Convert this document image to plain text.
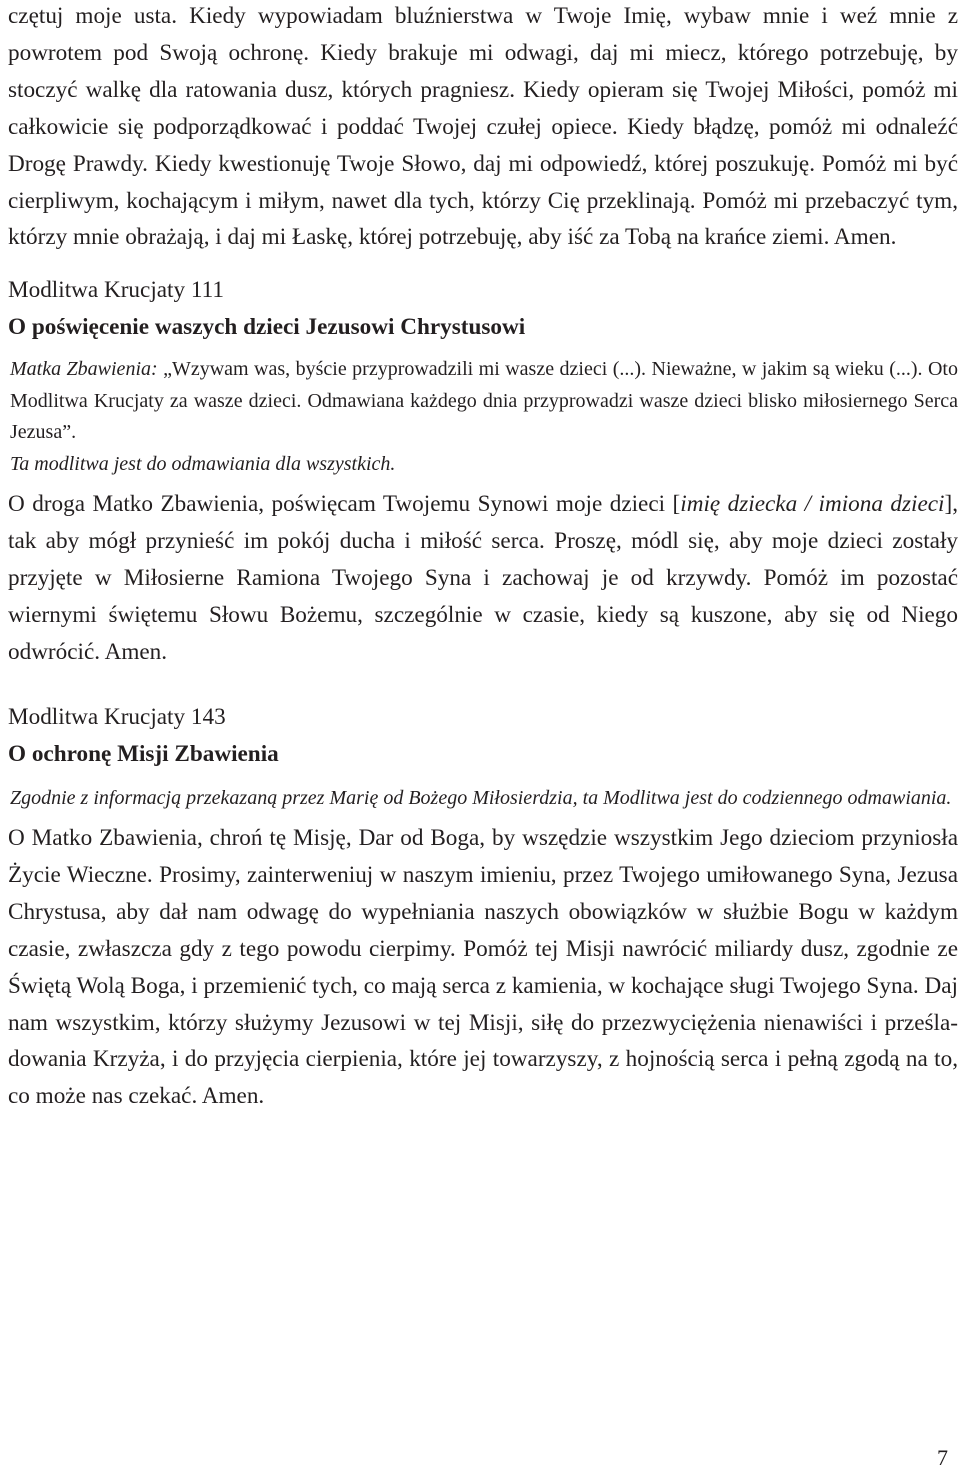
czętuj moje usta. Kiedy wypowiadam bluźnierstwa w Twoje Imię, wybaw mnie i weź mnie z powrotem pod Swoją ochronę. Kiedy brakuje mi odwagi, daj mi miecz, którego potrzebuję, by stoczyć walkę dla ratowania dusz, których pragniesz. Kiedy opieram się Twojej Miłości, pomóż mi całkowicie się podporządkować i poddać Twojej czułej opiece. Kiedy błądzę, pomóż mi odnaleźć Drogę Prawdy. Kiedy kwestionuję Twoje Słowo, daj mi odpowiedź, której poszukuję. Pomóż mi być cierpliwym, kochającym i miłym, nawet dla tych, którzy Cię przeklinają. Pomóż mi przebaczyć tym, którzy mnie obrażają, i daj mi Łaskę, której potrzebuję, aby iść za Tobą na krańce ziemi. Amen.

Modlitwa Krucjaty 111

O poświęcenie waszych dzieci Jezusowi Chrystusowi

Matka Zbawienia: „Wzywam was, byście przyprowadzili mi wasze dzieci (...). Nieważne, w jakim są wieku (...). Oto Modlitwa Krucjaty za wasze dzieci. Odmawiana każdego dnia przyprowadzi wasze dzieci blisko miłosiernego Serca Jezusa”.

Ta modlitwa jest do odmawiania dla wszystkich.

O droga Matko Zbawienia, poświęcam Twojemu Synowi moje dzieci [imię dziecka / imiona dzieci], tak aby mógł przynieść im pokój ducha i miłość serca. Proszę, módl się, aby moje dzieci zostały przyjęte w Miłosierne Ramiona Twojego Syna i zachowaj je od krzywdy. Pomóż im pozostać wiernymi świętemu Słowu Bożemu, szczególnie w czasie, kiedy są kuszone, aby się od Niego odwrócić. Amen.

Modlitwa Krucjaty 143

O ochronę Misji Zbawienia

Zgodnie z informacją przekazaną przez Marię od Bożego Miłosierdzia, ta Modlitwa jest do codziennego odmawiania.

O Matko Zbawienia, chroń tę Misję, Dar od Boga, by wszędzie wszystkim Jego dzieciom przyniosła Życie Wieczne. Prosimy, zainterweniuj w naszym imieniu, przez Twojego umiłowanego Syna, Jezusa Chrystusa, aby dał nam odwagę do wypełniania naszych obowiązków w służbie Bogu w każdym czasie, zwłaszcza gdy z tego powodu cierpimy. Pomóż tej Misji nawrócić miliardy dusz, zgodnie ze Świętą Wolą Boga, i przemienić tych, co mają serca z kamienia, w kochające sługi Twojego Syna. Daj nam wszystkim, którzy służymy Jezusowi w tej Misji, siłę do przezwyciężenia nienawiści i prześladowania Krzyża, i do przyjęcia cierpienia, które jej towarzyszy, z hojnością serca i pełną zgodą na to, co może nas czekać. Amen.

7
